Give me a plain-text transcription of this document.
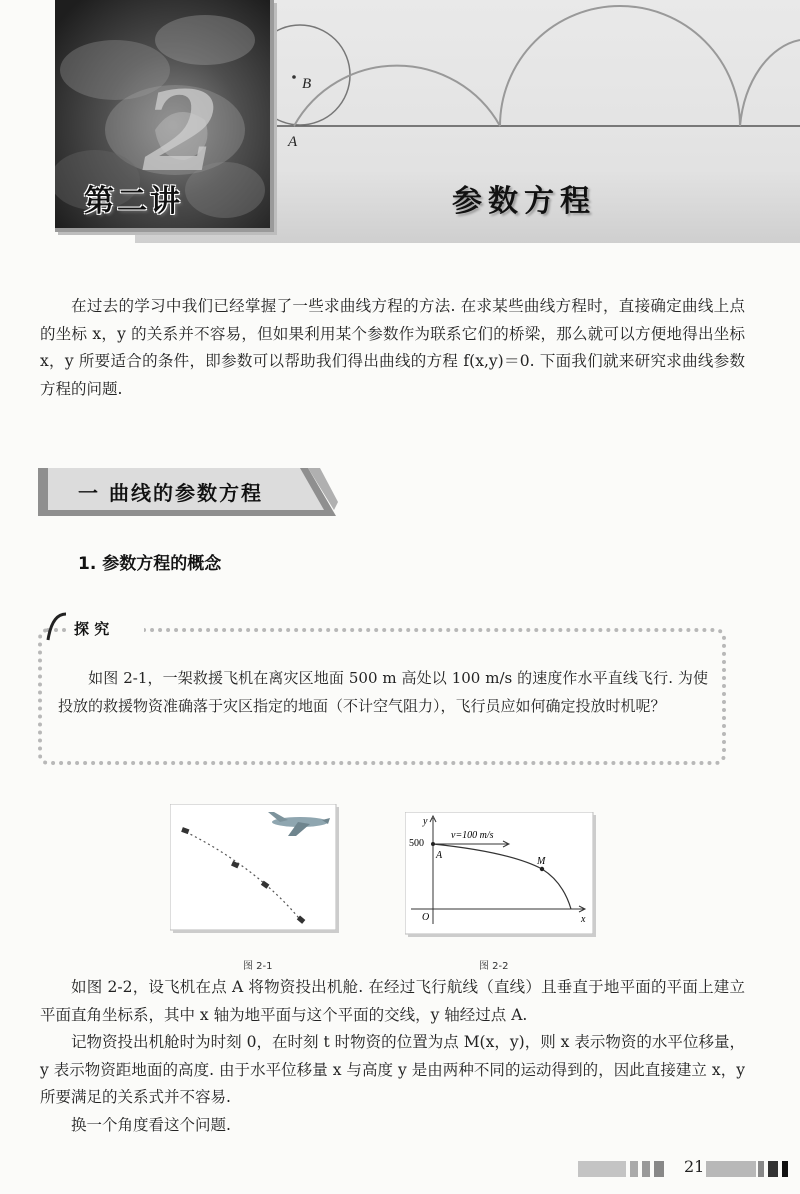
B
A
2
第二讲	参数方程

在过去的学习中我们已经掌握了一些求曲线方程的方法. 在求某些曲线方程时，直接确定曲线上点的坐标 x，y 的关系并不容易，但如果利用某个参数作为联系它们的桥梁，那么就可以方便地得出坐标 x，y 所要适合的条件，即参数可以帮助我们得出曲线的方程 f(x,y)＝0. 下面我们就来研究求曲线参数方程的问题.

一 曲线的参数方程
1. 参数方程的概念
探 究
如图 2-1，一架救援飞机在离灾区地面 500 m 高处以 100 m/s 的速度作水平直线飞行. 为使投放的救援物资准确落于灾区指定的地面（不计空气阻力），飞行员应如何确定投放时机呢？
图 2-1
y
x
O
500
A
M
v=100 m/s
图 2-2

如图 2-2，设飞机在点 A 将物资投出机舱. 在经过飞行航线（直线）且垂直于地平面的平面上建立平面直角坐标系，其中 x 轴为地平面与这个平面的交线，y 轴经过点 A.

记物资投出机舱时为时刻 0，在时刻 t 时物资的位置为点 M(x，y)，则 x 表示物资的水平位移量，y 表示物资距地面的高度. 由于水平位移量 x 与高度 y 是由两种不同的运动得到的，因此直接建立 x，y 所要满足的关系式并不容易.

换一个角度看这个问题.

21
